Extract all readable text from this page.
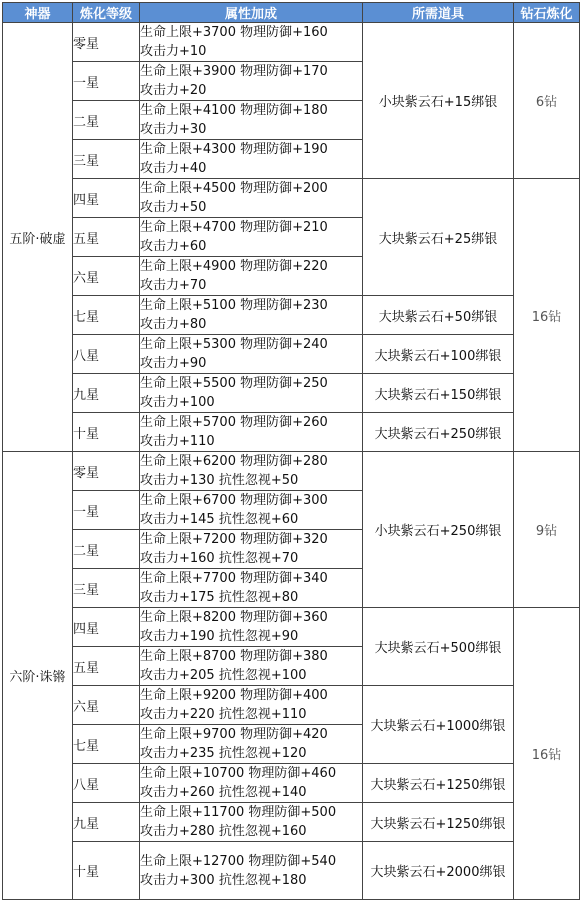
神器	炼化等级	属性加成	所需道具	钻石炼化
五阶·破虚	零星	生命上限+3700 物理防御+160
攻击力+10	小块紫云石+15绑银	6钻
	一星	生命上限+3900 物理防御+170
攻击力+20		

	二星	生命上限+4100 物理防御+180
攻击力+30		

	三星	生命上限+4300 物理防御+190
攻击力+40		

	四星	生命上限+4500 物理防御+200
攻击力+50	大块紫云石+25绑银	16钻
	五星	生命上限+4700 物理防御+210
攻击力+60		

	六星	生命上限+4900 物理防御+220
攻击力+70		

	七星	生命上限+5100 物理防御+230
攻击力+80	大块紫云石+50绑银	
	八星	生命上限+5300 物理防御+240
攻击力+90	大块紫云石+100绑银	
	九星	生命上限+5500 物理防御+250
攻击力+100	大块紫云石+150绑银	
	十星	生命上限+5700 物理防御+260
攻击力+110	大块紫云石+250绑银	
六阶·诛锵	零星	生命上限+6200 物理防御+280
攻击力+130 抗性忽视+50	小块紫云石+250绑银	9钻
	一星	生命上限+6700 物理防御+300
攻击力+145 抗性忽视+60		

	二星	生命上限+7200 物理防御+320
攻击力+160 抗性忽视+70		

	三星	生命上限+7700 物理防御+340
攻击力+175 抗性忽视+80		

	四星	生命上限+8200 物理防御+360
攻击力+190 抗性忽视+90	大块紫云石+500绑银	16钻
	五星	生命上限+8700 物理防御+380
攻击力+205 抗性忽视+100		

	六星	生命上限+9200 物理防御+400
攻击力+220 抗性忽视+110	大块紫云石+1000绑银	
	七星	生命上限+9700 物理防御+420
攻击力+235 抗性忽视+120		

	八星	生命上限+10700 物理防御+460
攻击力+260 抗性忽视+140	大块紫云石+1250绑银	
	九星	生命上限+11700 物理防御+500
攻击力+280 抗性忽视+160	大块紫云石+1250绑银	
	十星	生命上限+12700 物理防御+540
攻击力+300 抗性忽视+180	大块紫云石+2000绑银	
